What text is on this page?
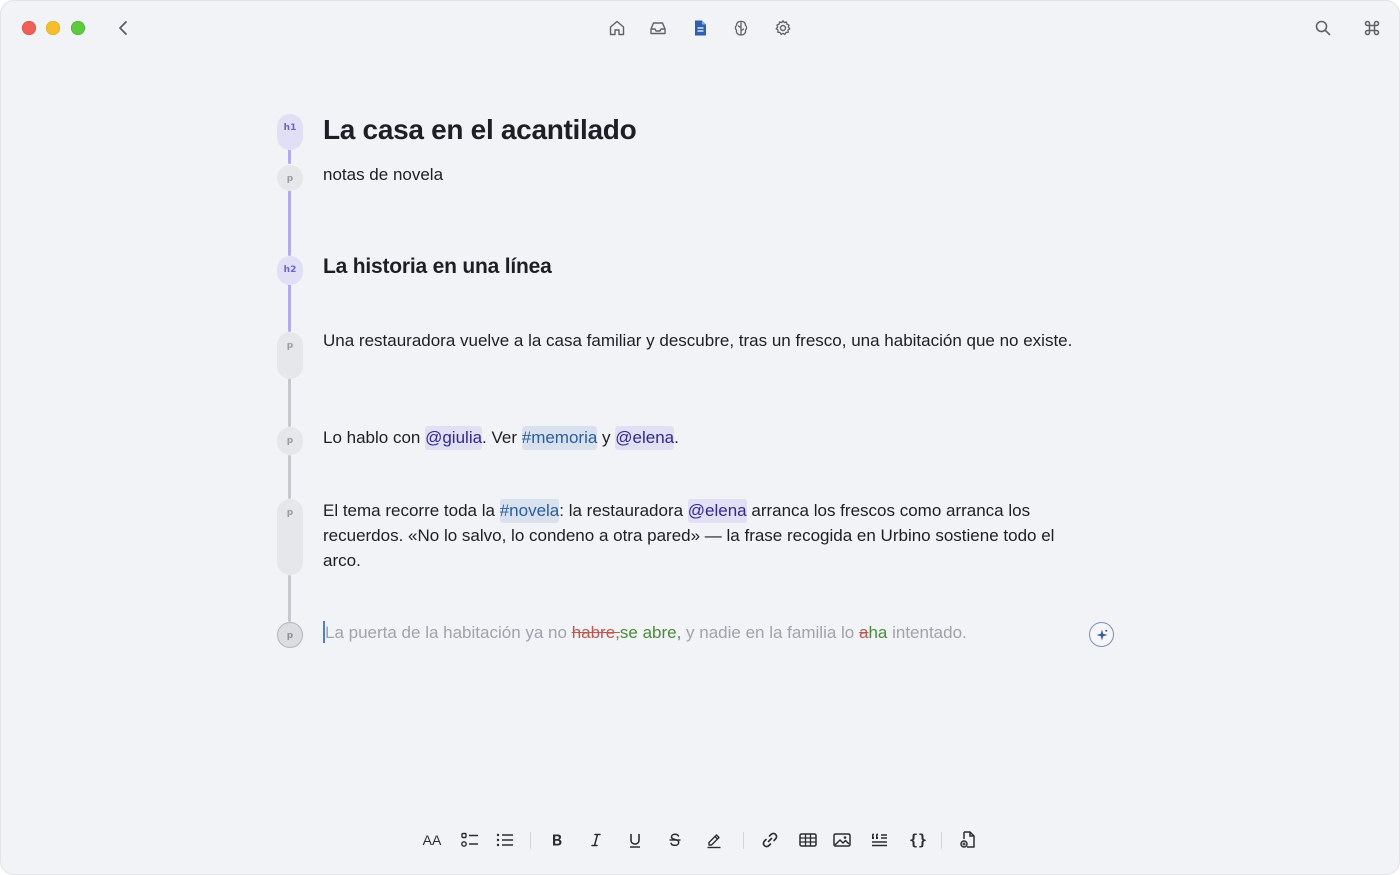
h1
p
h2
p
p
p
p
La casa en el acantilado
notas de novela
La historia en una línea
Una restauradora vuelve a la casa familiar y descubre, tras un fresco, una habitación que no existe.
Lo hablo con @giulia. Ver #memoria y @elena.
El tema recorre toda la #novela: la restauradora @elena arranca los frescos como arranca los recuerdos. «No lo salvo, lo condeno a otra pared» — la frase recogida en Urbino sostiene todo el arco.
La puerta de la habitación ya no habre,se abre, y nadie en la familia lo aha intentado.
AA	{}
